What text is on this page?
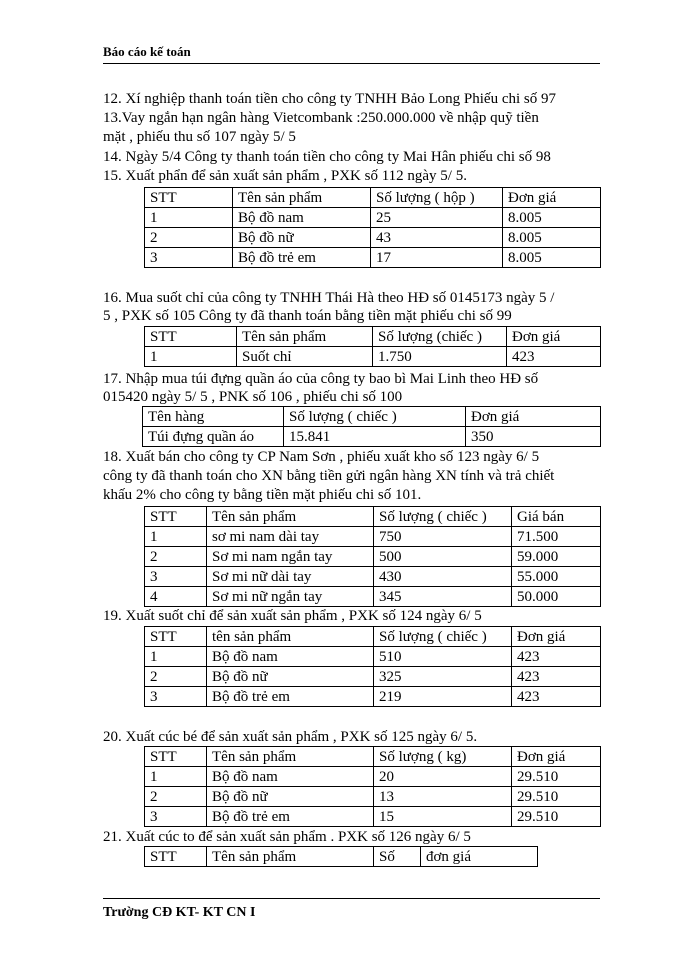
Báo cáo kế toán
12. Xí nghiệp thanh toán tiền cho công ty TNHH Bảo Long Phiếu chi số 97
13.Vay ngắn hạn ngân hàng Vietcombank :250.000.000 về nhập quỹ tiền
mặt , phiếu thu số 107 ngày 5/ 5
14. Ngày 5/4 Công ty thanh toán tiền cho công ty Mai Hân phiếu chi số 98
15. Xuất phẩn để sản xuất sản phẩm , PXK số 112 ngày 5/ 5.
STT	Tên sản phẩm	Số lượng ( hộp )	Đơn giá
1	Bộ đồ nam	25	8.005
2	Bộ đồ nữ	43	8.005
3	Bộ đồ trẻ em	17	8.005
16. Mua suốt chỉ của công ty TNHH Thái Hà theo HĐ số 0145173 ngày 5 /
5 , PXK số 105 Công ty đã thanh toán bằng tiền mặt phiếu chi số 99
STT	Tên sản phẩm	Số lượng (chiếc )	Đơn giá
1	Suốt chỉ	1.750	423
17. Nhập mua túi đựng quần áo của công ty bao bì Mai Linh theo HĐ số
015420 ngày 5/ 5 , PNK số 106 , phiếu chi số 100
Tên hàng	Số lượng ( chiếc )	Đơn giá
Túi đựng quần áo	15.841	350
18. Xuất bán cho công ty CP Nam Sơn , phiếu xuất kho số 123 ngày 6/ 5
công ty đã thanh toán cho XN bằng tiền gửi ngân hàng XN tính và trả chiết
khấu 2% cho công ty bằng tiền mặt phiếu chi số 101.
STT	Tên sản phẩm	Số lượng ( chiếc )	Giá bán
1	sơ mi nam dài tay	750	71.500
2	Sơ mi nam ngắn tay	500	59.000
3	Sơ mi nữ dài tay	430	55.000
4	Sơ mi nữ ngắn tay	345	50.000
19. Xuất suốt chỉ để sản xuất sản phẩm , PXK số 124 ngày 6/ 5
STT	tên sản phẩm	Số lượng ( chiếc )	Đơn giá
1	Bộ đồ nam	510	423
2	Bộ đồ nữ	325	423
3	Bộ đồ trẻ em	219	423
20. Xuất cúc bé để sản xuất sản phẩm , PXK số 125 ngày 6/ 5.
STT	Tên sản phẩm	Số lượng ( kg)	Đơn giá
1	Bộ đồ nam	20	29.510
2	Bộ đồ nữ	13	29.510
3	Bộ đồ trẻ em	15	29.510
21. Xuất cúc to để sản xuất sản phẩm . PXK số 126 ngày 6/ 5
STT	Tên sản phẩm	Số	đơn giá
Trường CĐ KT- KT CN I
